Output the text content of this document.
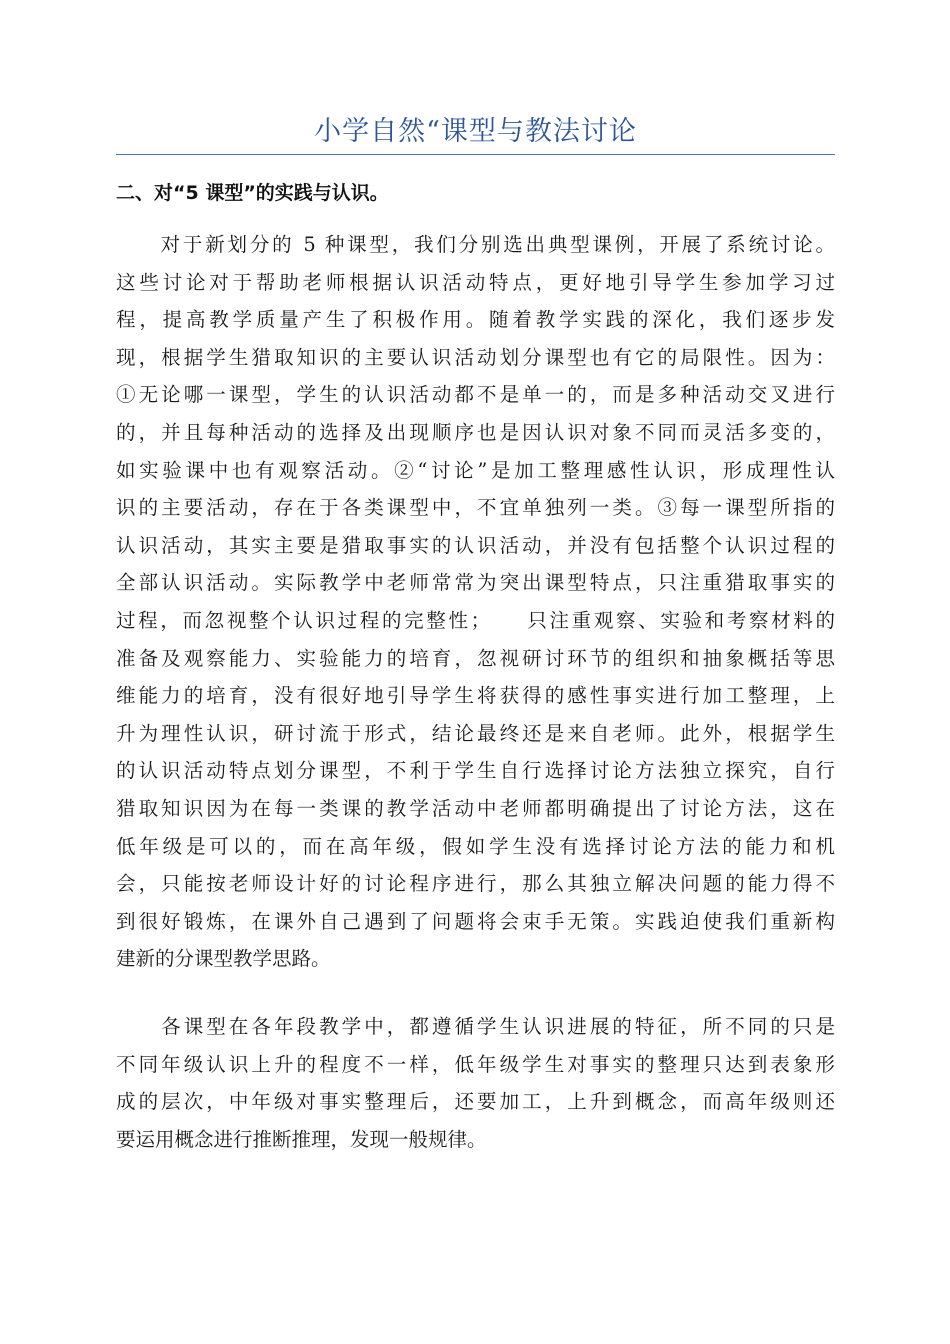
小学自然“课型与教法讨论
二、对“5 课型”的实践与认识。
　　对于新划分的 5 种课型，我们分别选出典型课例，开展了系统讨论。
这些讨论对于帮助老师根据认识活动特点，更好地引导学生参加学习过
程，提高教学质量产生了积极作用。随着教学实践的深化，我们逐步发
现，根据学生猎取知识的主要认识活动划分课型也有它的局限性。因为：
①无论哪一课型，学生的认识活动都不是单一的，而是多种活动交叉进行
的，并且每种活动的选择及出现顺序也是因认识对象不同而灵活多变的，
如实验课中也有观察活动。②“讨论”是加工整理感性认识，形成理性认
识的主要活动，存在于各类课型中，不宜单独列一类。③每一课型所指的
认识活动，其实主要是猎取事实的认识活动，并没有包括整个认识过程的
全部认识活动。实际教学中老师常常为突出课型特点，只注重猎取事实的
过程，而忽视整个认识过程的完整性；　　只注重观察、实验和考察材料的
准备及观察能力、实验能力的培育，忽视研讨环节的组织和抽象概括等思
维能力的培育，没有很好地引导学生将获得的感性事实进行加工整理，上
升为理性认识，研讨流于形式，结论最终还是来自老师。此外，根据学生
的认识活动特点划分课型，不利于学生自行选择讨论方法独立探究，自行
猎取知识因为在每一类课的教学活动中老师都明确提出了讨论方法，这在
低年级是可以的，而在高年级，假如学生没有选择讨论方法的能力和机
会，只能按老师设计好的讨论程序进行，那么其独立解决问题的能力得不
到很好锻炼，在课外自己遇到了问题将会束手无策。实践迫使我们重新构
建新的分课型教学思路。
　　各课型在各年段教学中，都遵循学生认识进展的特征，所不同的只是
不同年级认识上升的程度不一样，低年级学生对事实的整理只达到表象形
成的层次，中年级对事实整理后，还要加工，上升到概念，而高年级则还
要运用概念进行推断推理，发现一般规律。
